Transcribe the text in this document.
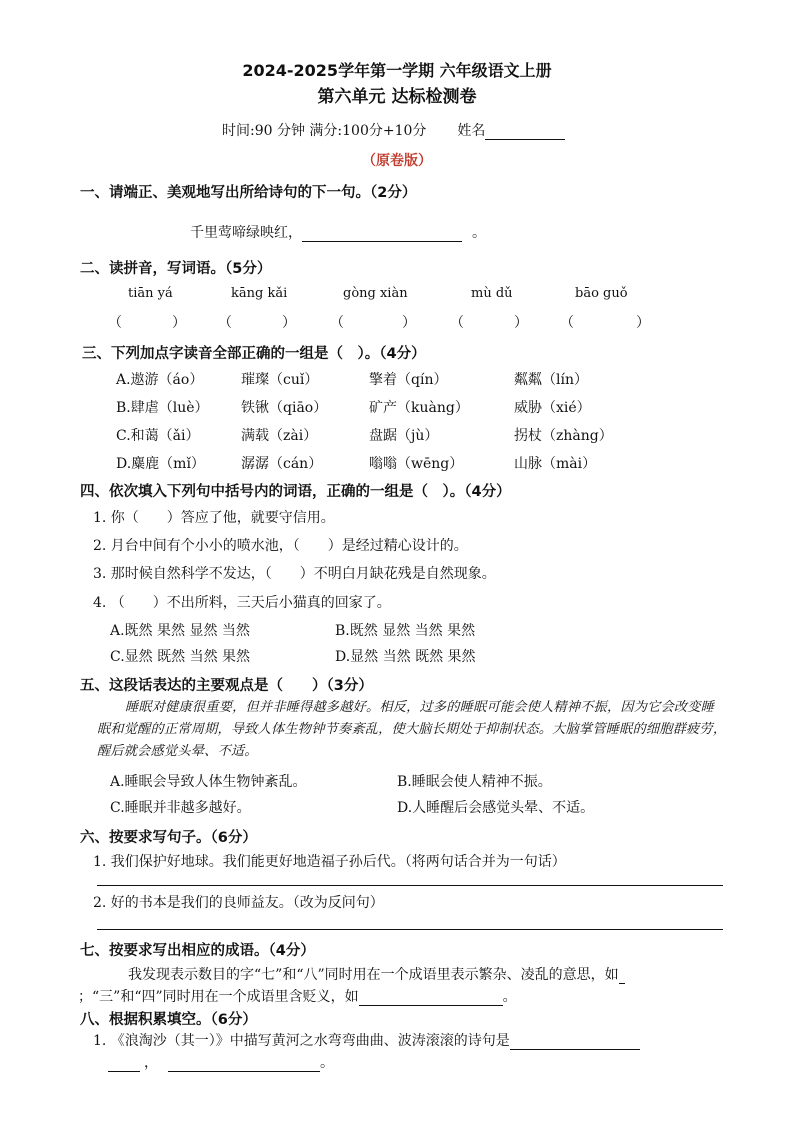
2024-2025学年第一学期 六年级语文上册
第六单元 达标检测卷
时间:90 分钟 满分:100分+10分 姓名
（原卷版）
一、请端正、美观地写出所给诗句的下一句。（2分）
千里莺啼绿映红，	。
二、读拼音，写词语。（5分）
tiān yá	kāng kǎi	gòng xiàn	mù dǔ	bāo guǒ
（	） （	） （	） （	） （	）
三、下列加点字读音全部正确的一组是（　）。（4分）
A.遨游（áo）	璀璨（cuǐ）	擎着（qín）	粼粼（lín）
B.肆虐（luè） 铁锹（qiāo）	矿产（kuàng）	威胁（xié）
C.和蔼（ǎi）	满载（zài）	盘踞（jù）	拐杖（zhàng）
D.麋鹿（mǐ）	潺潺（cán）	嗡嗡（wēng）	山脉（mài）
四、依次填入下列句中括号内的词语，正确的一组是（　）。（4分）
1. 你（　　）答应了他，就要守信用。
2. 月台中间有个小小的喷水池，（　　）是经过精心设计的。
3. 那时候自然科学不发达，（　　）不明白月缺花残是自然现象。
4. （　　）不出所料，三天后小猫真的回家了。
A.既然 果然 显然 当然	B.既然 显然 当然 果然
C.显然 既然 当然 果然	D.显然 当然 既然 果然
五、这段话表达的主要观点是（　　）（3分）
睡眠对健康很重要，但并非睡得越多越好。相反，过多的睡眠可能会使人精神不振，因为它会改变睡眠和觉醒的正常周期，导致人体生物钟节奏紊乱，使大脑长期处于抑制状态。大脑掌管睡眠的细胞群疲劳，醒后就会感觉头晕、不适。
A.睡眠会导致人体生物钟紊乱。	B.睡眠会使人精神不振。
C.睡眠并非越多越好。	D.人睡醒后会感觉头晕、不适。
六、按要求写句子。（6分）
1. 我们保护好地球。我们能更好地造福子孙后代。（将两句话合并为一句话）
2. 好的书本是我们的良师益友。（改为反问句）
七、按要求写出相应的成语。（4分）
我发现表示数目的字“七”和“八”同时用在一个成语里表示繁杂、凌乱的意思，如
；“三”和“四”同时用在一个成语里含贬义，如	。
八、根据积累填空。（6分）
1. 《浪淘沙（其一）》中描写黄河之水弯弯曲曲、波涛滚滚的诗句是
，	。
